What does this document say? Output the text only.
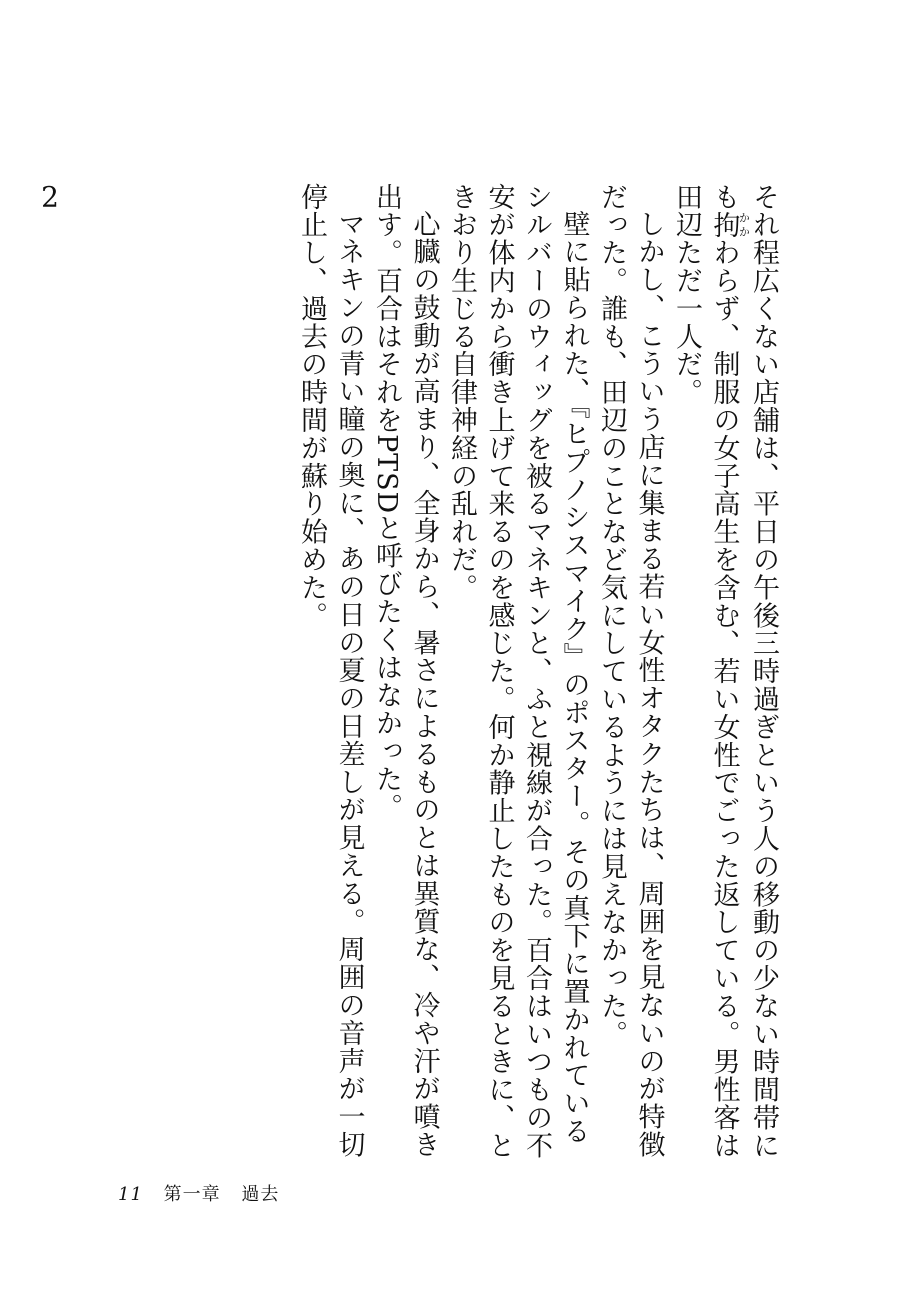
それ程広くない店舗は、平日の午後三時過ぎという人の移動の少ない時間帯にも拘かかわらず、制服の女子高生を含む、若い女性でごった返している。男性客は田辺ただ一人だ。

しかし、こういう店に集まる若い女性オタクたちは、周囲を見ないのが特徴だった。誰も、田辺のことなど気にしているようには見えなかった。

壁に貼られた、『ヒプノシスマイク』のポスター。その真下に置かれているシルバーのウィッグを被るマネキンと、ふと視線が合った。百合はいつもの不安が体内から衝き上げて来るのを感じた。何か静止したものを見るときに、ときおり生じる自律神経の乱れだ。

心臓の鼓動が高まり、全身から、暑さによるものとは異質な、冷や汗が噴き出す。百合はそれをPTSDと呼びたくはなかった。

マネキンの青い瞳の奥に、あの日の夏の日差しが見える。周囲の音声が一切停止し、過去の時間が蘇り始めた。

2

11 第一章 過去
